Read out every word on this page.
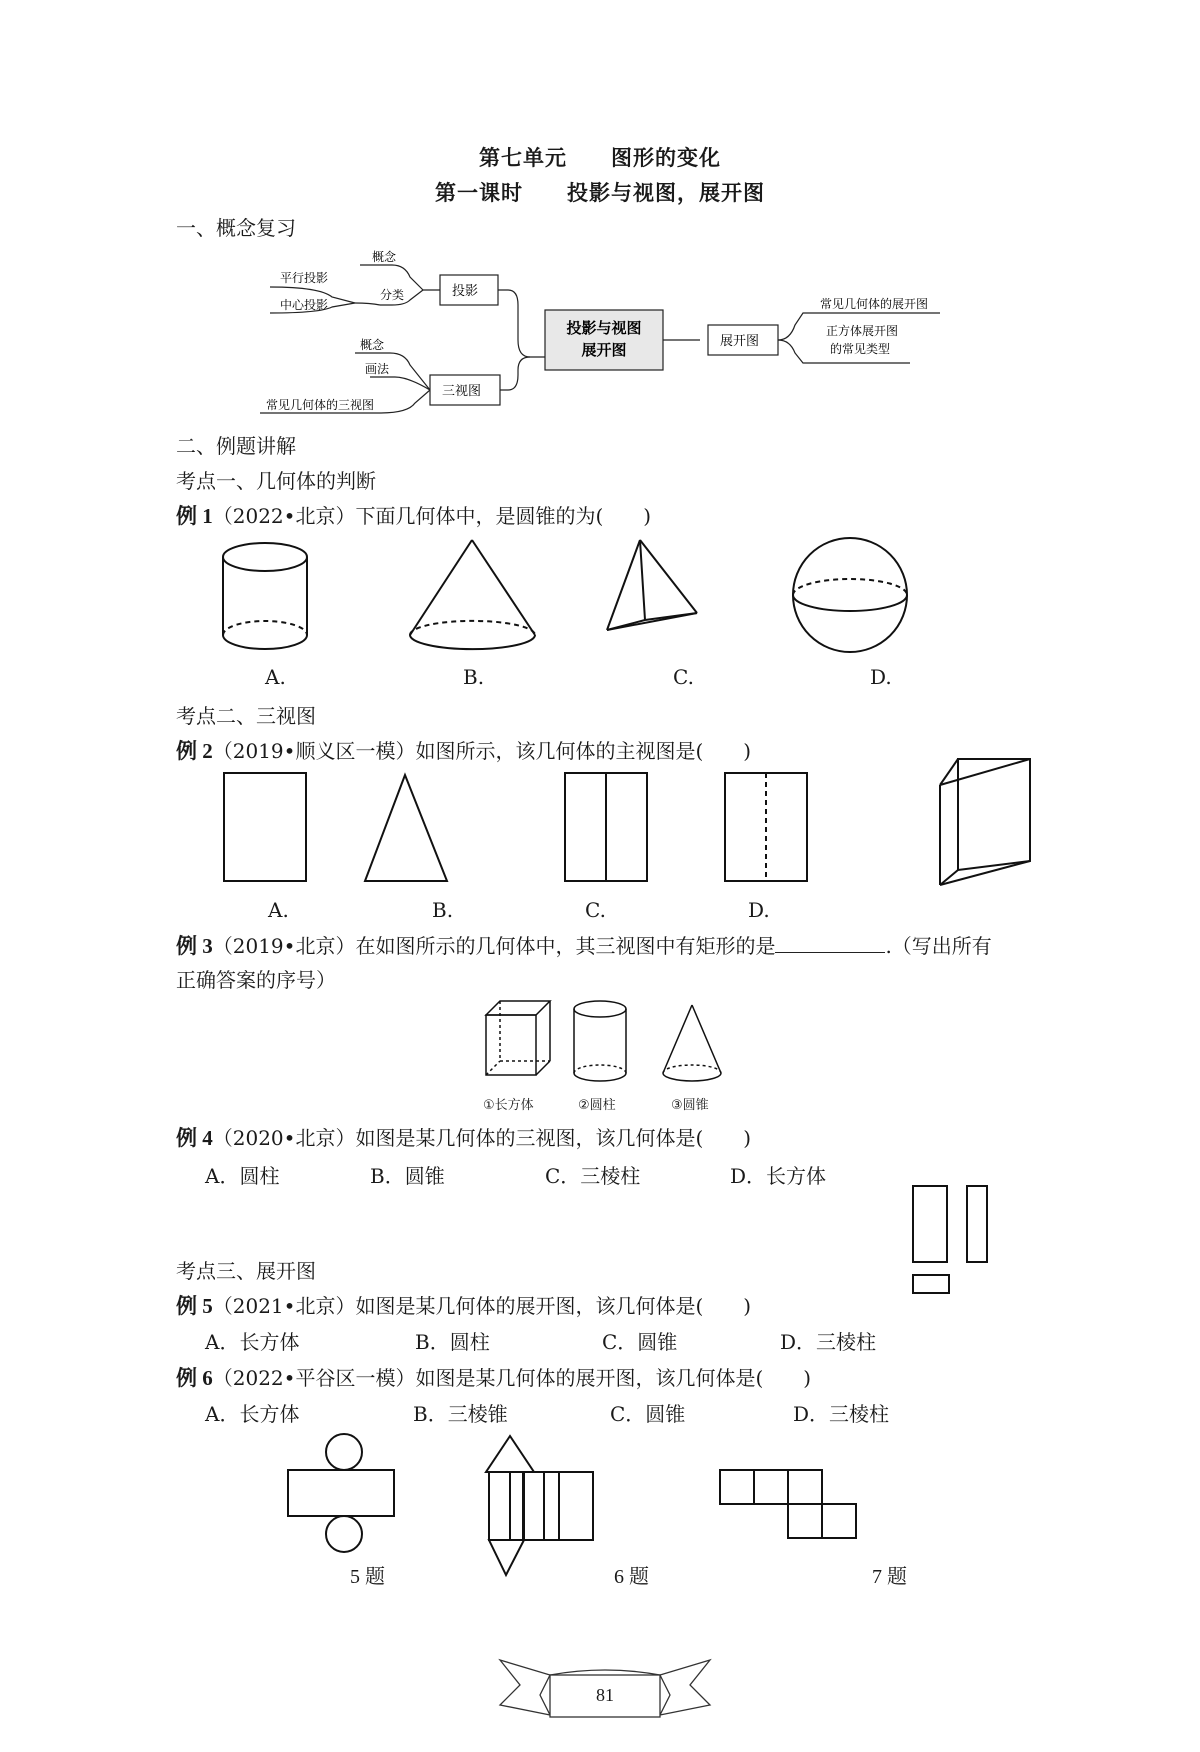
第七单元 图形的变化
第一课时 投影与视图，展开图
一、概念复习
平行投影
中心投影
概念
分类	投影
概念
画法
常见几何体的三视图
三视图
投影与视图
展开图	展开图
常见几何体的展开图
正方体展开图
的常见类型
二、例题讲解
考点一、几何体的判断
例 1（2022•北京）下面几何体中，是圆锥的为(　　)
A.	B.	C.	D.
考点二、三视图
例 2（2019•顺义区一模）如图所示，该几何体的主视图是(　　)
A.	B.	C.	D.
例 3（2019•北京）在如图所示的几何体中，其三视图中有矩形的是	.（写出所有
正确答案的序号）
①长方体	②圆柱	③圆锥
例 4（2020•北京）如图是某几何体的三视图，该几何体是(　　)
A．圆柱	B．圆锥	C．三棱柱	D．长方体
考点三、展开图
例 5（2021•北京）如图是某几何体的展开图，该几何体是(　　)
A．长方体	B．圆柱	C．圆锥	D．三棱柱
例 6（2022•平谷区一模）如图是某几何体的展开图，该几何体是(　　)
A．长方体	B．三棱锥	C．圆锥	D．三棱柱
5 题	6 题	7 题
81
